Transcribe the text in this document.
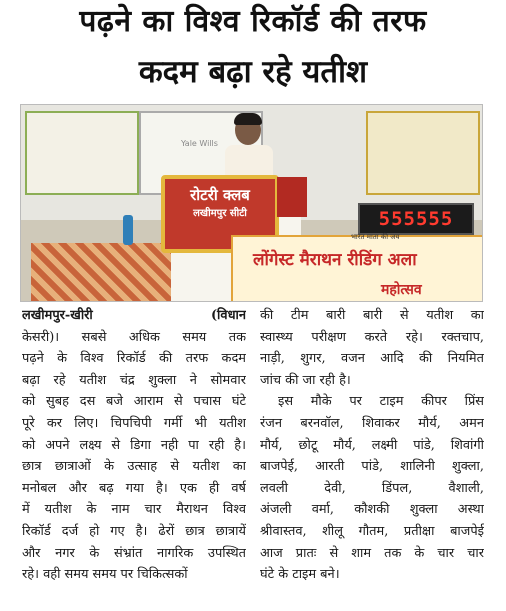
पढ़ने का विश्व रिकॉर्ड की तरफ
कदम बढ़ा रहे यतीश
Yale Wills
रोटरी क्लब
लखीमपुर सीटी	555555
भारत माता की जय
लोंगेस्ट मैराथन रीडिंग अला
महोत्सव
लखीमपुर-खीरी (विधान
केसरी)। सबसे अधिक समय तक
पढ़ने के विश्व रिकॉर्ड की तरफ कदम
बढ़ा रहे यतीश चंद्र शुक्ला ने सोमवार
को सुबह दस बजे आराम से पचास घंटे
पूरे कर लिए। चिपचिपी गर्मी भी यतीश
को अपने लक्ष्य से डिगा नही पा रही है।
छात्र छात्राओं के उत्साह से यतीश का
मनोबल और बढ़ गया है। एक ही वर्ष
में यतीश के नाम चार मैराथन विश्व
रिकॉर्ड दर्ज हो गए है। ढेरों छात्र छात्रायें
और नगर के संभ्रांत नागरिक उपस्थित
रहे। वही समय समय पर चिकित्सकों
की टीम बारी बारी से यतीश का
स्वास्थ्य परीक्षण करते रहे। रक्तचाप,
नाड़ी, शुगर, वजन आदि की नियमित
जांच की जा रही है।
इस मौके पर टाइम कीपर प्रिंस
रंजन बरनवॉल, शिवाकर मौर्य, अमन
मौर्य, छोटू मौर्य, लक्ष्मी पांडे, शिवांगी
बाजपेई, आरती पांडे, शालिनी शुक्ला,
लवली देवी, डिंपल, वैशाली,
अंजली वर्मा, कौशकी शुक्ला अस्था
श्रीवास्तव, शीलू गौतम, प्रतीक्षा बाजपेई
आज प्रातः से शाम तक के चार चार
घंटे के टाइम बने।
